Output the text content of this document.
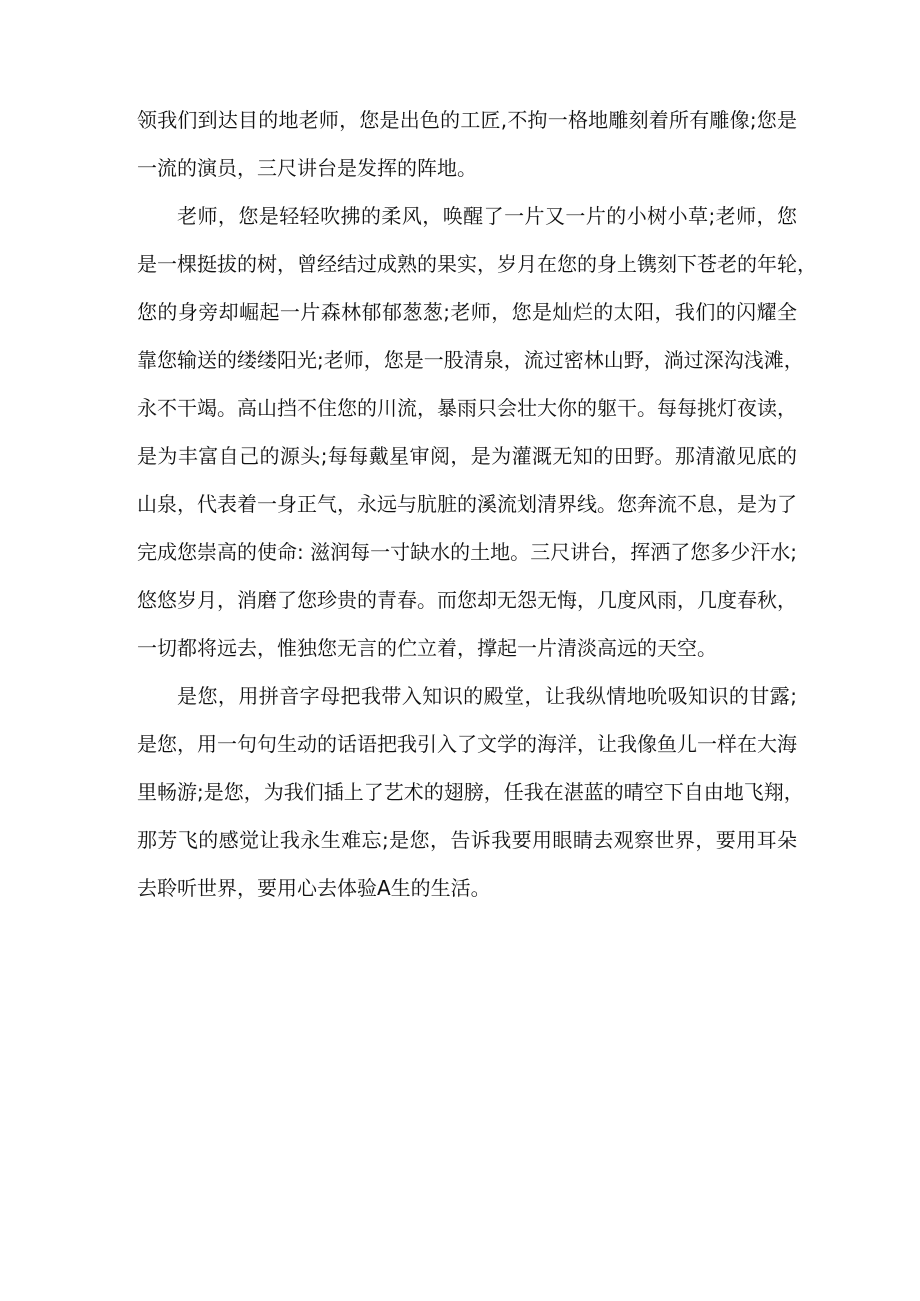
领我们到达目的地老师，您是出色的工匠,不拘一格地雕刻着所有雕像;您是
一流的演员，三尺讲台是发挥的阵地。
老师，您是轻轻吹拂的柔风，唤醒了一片又一片的小树小草;老师，您
是一棵挺拔的树，曾经结过成熟的果实，岁月在您的身上镌刻下苍老的年轮，
您的身旁却崛起一片森林郁郁葱葱;老师，您是灿烂的太阳，我们的闪耀全
靠您输送的缕缕阳光;老师，您是一股清泉，流过密林山野，淌过深沟浅滩，
永不干竭。高山挡不住您的川流，暴雨只会壮大你的躯干。每每挑灯夜读，
是为丰富自己的源头;每每戴星审阅，是为灌溉无知的田野。那清澈见底的
山泉，代表着一身正气，永远与肮脏的溪流划清界线。您奔流不息，是为了
完成您崇高的使命: 滋润每一寸缺水的土地。三尺讲台，挥洒了您多少汗水;
悠悠岁月，消磨了您珍贵的青春。而您却无怨无悔，几度风雨，几度春秋，
一切都将远去，惟独您无言的伫立着，撑起一片清淡高远的天空。
是您，用拼音字母把我带入知识的殿堂，让我纵情地吮吸知识的甘露;
是您，用一句句生动的话语把我引入了文学的海洋，让我像鱼儿一样在大海
里畅游;是您，为我们插上了艺术的翅膀，任我在湛蓝的晴空下自由地飞翔，
那芳飞的感觉让我永生难忘;是您，告诉我要用眼睛去观察世界，要用耳朵
去聆听世界，要用心去体验A生的生活。
